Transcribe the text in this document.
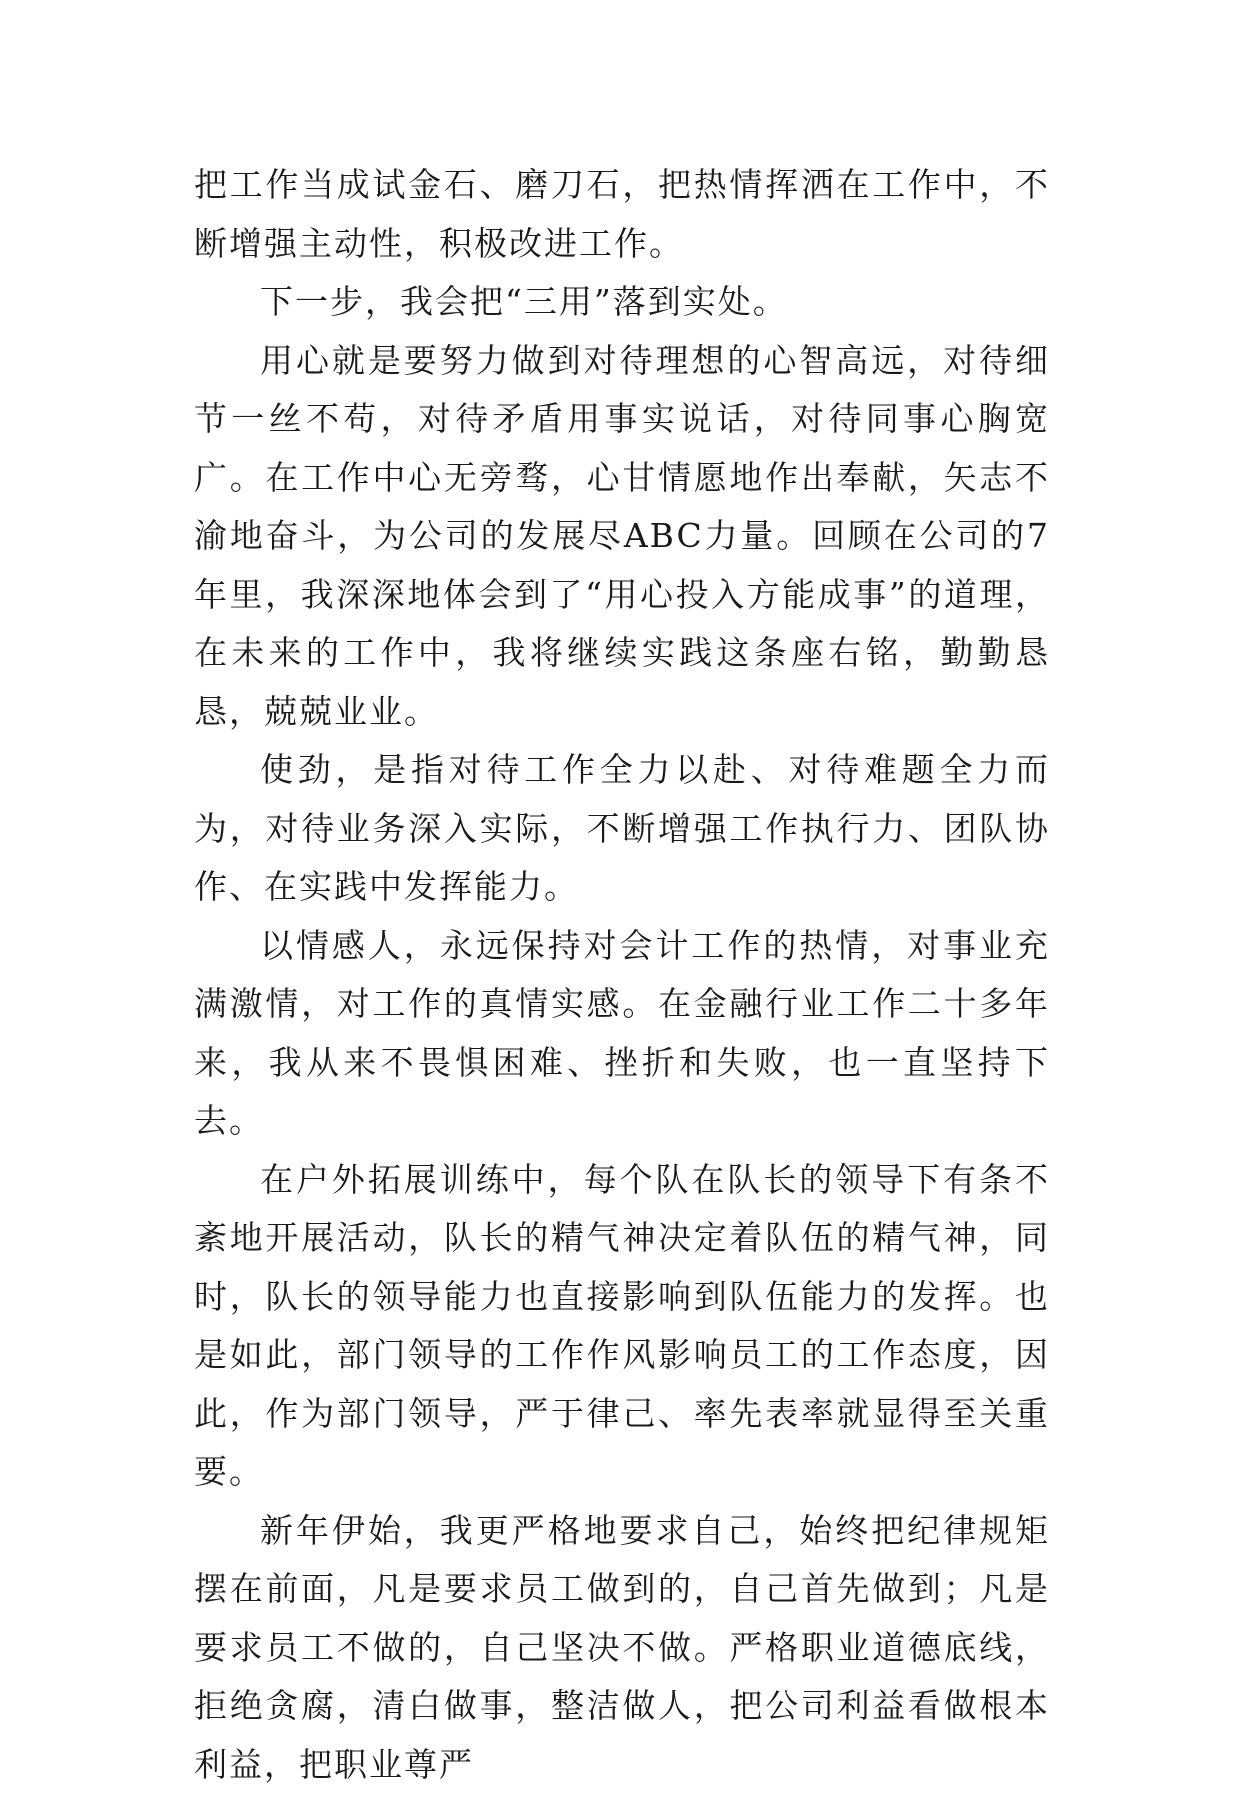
把工作当成试金石、磨刀石，把热情挥洒在工作中，不断增强主动性，积极改进工作。

下一步，我会把“三用”落到实处。

用心就是要努力做到对待理想的心智高远，对待细节一丝不苟，对待矛盾用事实说话，对待同事心胸宽广。在工作中心无旁骛，心甘情愿地作出奉献，矢志不渝地奋斗，为公司的发展尽ABC力量。回顾在公司的7年里，我深深地体会到了“用心投入方能成事”的道理，在未来的工作中，我将继续实践这条座右铭，勤勤恳恳，兢兢业业。

使劲，是指对待工作全力以赴、对待难题全力而为，对待业务深入实际，不断增强工作执行力、团队协作、在实践中发挥能力。

以情感人，永远保持对会计工作的热情，对事业充满激情，对工作的真情实感。在金融行业工作二十多年来，我从来不畏惧困难、挫折和失败，也一直坚持下去。

在户外拓展训练中，每个队在队长的领导下有条不紊地开展活动，队长的精气神决定着队伍的精气神，同时，队长的领导能力也直接影响到队伍能力的发挥。也是如此，部门领导的工作作风影响员工的工作态度，因此，作为部门领导，严于律己、率先表率就显得至关重要。

新年伊始，我更严格地要求自己，始终把纪律规矩摆在前面，凡是要求员工做到的，自己首先做到；凡是要求员工不做的，自己坚决不做。严格职业道德底线，拒绝贪腐，清白做事，整洁做人，把公司利益看做根本利益，把职业尊严
